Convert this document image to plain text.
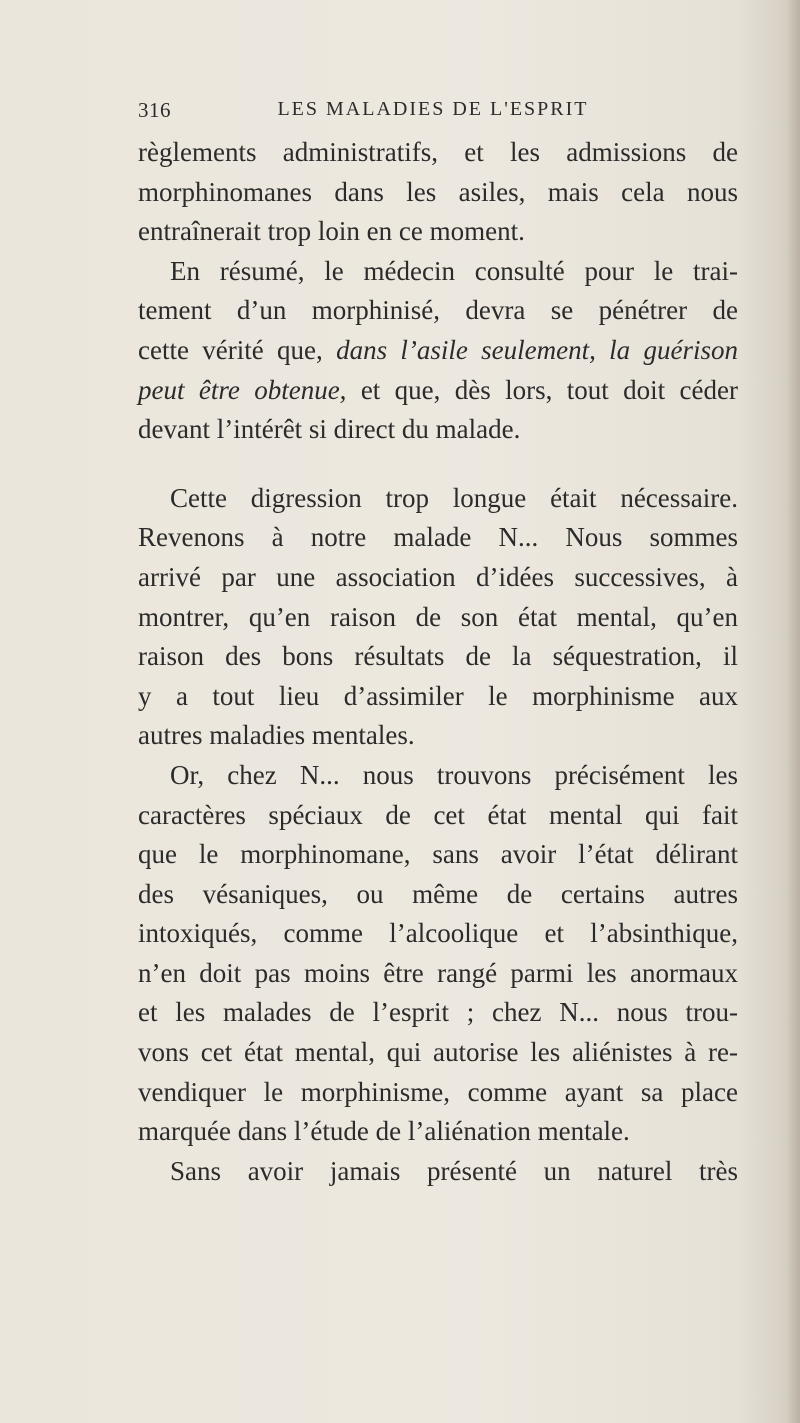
316	LES MALADIES DE L'ESPRIT
règlements administratifs, et les admissions de
morphinomanes dans les asiles, mais cela nous
entraînerait trop loin en ce moment.
En résumé, le médecin consulté pour le trai-
tement d’un morphinisé, devra se pénétrer de
cette vérité que, dans l’asile seulement, la guérison
peut être obtenue, et que, dès lors, tout doit céder
devant l’intérêt si direct du malade.
Cette digression trop longue était nécessaire.
Revenons à notre malade N... Nous sommes
arrivé par une association d’idées successives, à
montrer, qu’en raison de son état mental, qu’en
raison des bons résultats de la séquestration, il
y a tout lieu d’assimiler le morphinisme aux
autres maladies mentales.
Or, chez N... nous trouvons précisément les
caractères spéciaux de cet état mental qui fait
que le morphinomane, sans avoir l’état délirant
des vésaniques, ou même de certains autres
intoxiqués, comme l’alcoolique et l’absinthique,
n’en doit pas moins être rangé parmi les anormaux
et les malades de l’esprit ; chez N... nous trou-
vons cet état mental, qui autorise les aliénistes à re-
vendiquer le morphinisme, comme ayant sa place
marquée dans l’étude de l’aliénation mentale.
Sans avoir jamais présenté un naturel très
